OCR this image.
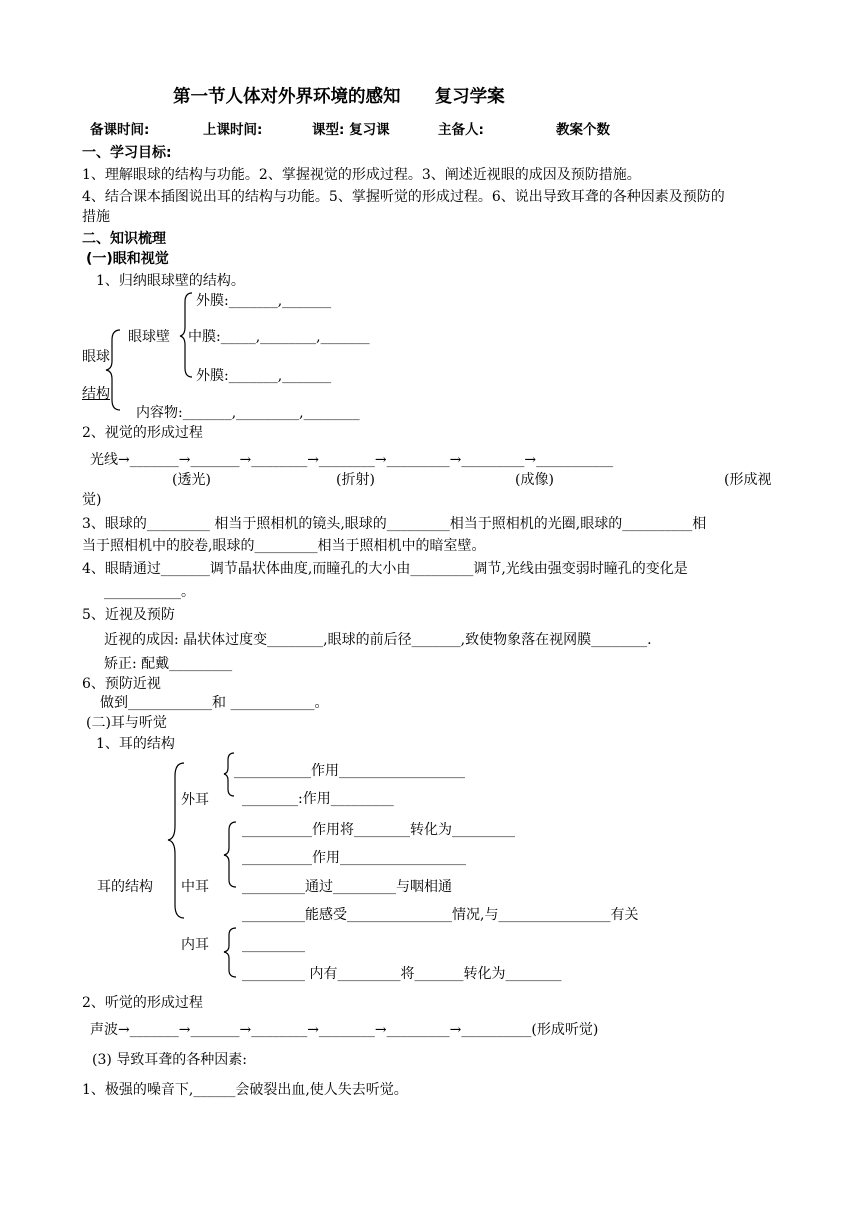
第一节人体对外界环境的感知 复习学案
备课时间:	上课时间:	课型: 复习课	主备人:	教案个数
一、学习目标:
1、理解眼球的结构与功能。2、掌握视觉的形成过程。3、阐述近视眼的成因及预防措施。
4、结合课本插图说出耳的结构与功能。5、掌握听觉的形成过程。6、说出导致耳聋的各种因素及预防的
措施
二、知识梳理
(一)眼和视觉
1、归纳眼球壁的结构。
外膜:_______,_______
眼球壁 中膜:_____,________,_______
眼球
外膜:_______,_______
结构
内容物:_______,_________,________
2、视觉的形成过程
光线→_______→_______→________→________→_________→_________→___________
(透光)	(折射)	(成像)	(形成视
觉)
3、眼球的_________ 相当于照相机的镜头,眼球的_________相当于照相机的光圈,眼球的__________相
当于照相机中的胶卷,眼球的_________相当于照相机中的暗室壁。
4、眼睛通过_______调节晶状体曲度,而瞳孔的大小由_________调节,光线由强变弱时瞳孔的变化是
___________。
5、近视及预防
近视的成因: 晶状体过度变________,眼球的前后径_______,致使物象落在视网膜________.
矫正: 配戴_________
6、预防近视
做到____________和 ____________。
(二)耳与听觉
1、耳的结构
外耳
___________作用__________________
________:作用_________
__________作用将________转化为_________
__________作用__________________
耳的结构 中耳 _________通过_________与咽相通
_________能感受_______________情况,与________________有关
内耳 _________
_________ 内有_________将_______转化为________
2、听觉的形成过程
声波→_______→_______→________→________→_________→__________(形成听觉)
(3) 导致耳聋的各种因素:
1、极强的噪音下,______会破裂出血,使人失去听觉。
